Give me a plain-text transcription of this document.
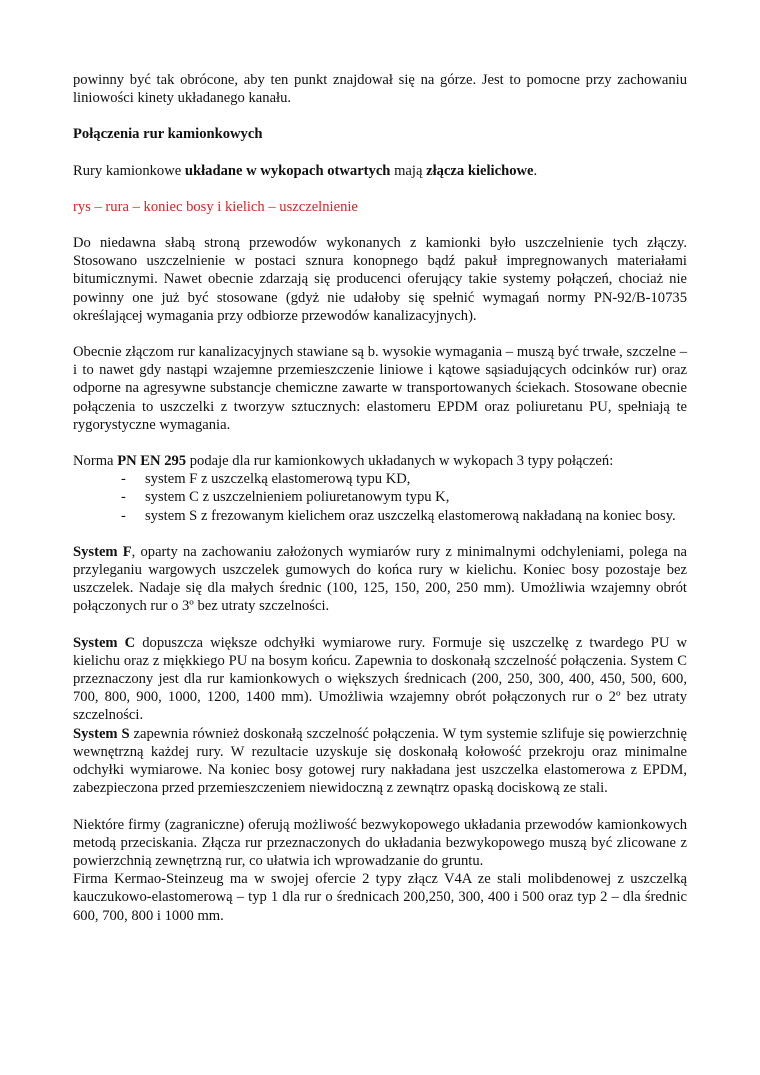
powinny być tak obrócone, aby ten punkt znajdował się na górze. Jest to pomocne przy zachowaniu liniowości kinety układanego kanału.

Połączenia rur kamionkowych

Rury kamionkowe układane w wykopach otwartych mają złącza kielichowe.

rys – rura – koniec bosy i kielich – uszczelnienie

Do niedawna słabą stroną przewodów wykonanych z kamionki było uszczelnienie tych złączy. Stosowano uszczelnienie w postaci sznura konopnego bądź pakuł impregnowanych materiałami bitumicznymi. Nawet obecnie zdarzają się producenci oferujący takie systemy połączeń, chociaż nie powinny one już być stosowane (gdyż nie udałoby się spełnić wymagań normy PN-92/B-10735 określającej wymagania przy odbiorze przewodów kanalizacyjnych).

Obecnie złączom rur kanalizacyjnych stawiane są b. wysokie wymagania – muszą być trwałe, szczelne – i to nawet gdy nastąpi wzajemne przemieszczenie liniowe i kątowe sąsiadujących odcinków rur) oraz odporne na agresywne substancje chemiczne zawarte w transportowanych ściekach. Stosowane obecnie połączenia to uszczelki z tworzyw sztucznych: elastomeru EPDM oraz poliuretanu PU, spełniają te rygorystyczne wymagania.

Norma PN EN 295 podaje dla rur kamionkowych układanych w wykopach 3 typy połączeń:

- system F z uszczelką elastomerową typu KD,
- system C z uszczelnieniem poliuretanowym typu K,
- system S z frezowanym kielichem oraz uszczelką elastomerową nakładaną na koniec bosy.

System F, oparty na zachowaniu założonych wymiarów rury z minimalnymi odchyleniami, polega na przyleganiu wargowych uszczelek gumowych do końca rury w kielichu. Koniec bosy pozostaje bez uszczelek. Nadaje się dla małych średnic (100, 125, 150, 200, 250 mm). Umożliwia wzajemny obrót połączonych rur o 3º bez utraty szczelności.

System C dopuszcza większe odchyłki wymiarowe rury. Formuje się uszczelkę z twardego PU w kielichu oraz z miękkiego PU na bosym końcu. Zapewnia to doskonałą szczelność połączenia. System C przeznaczony jest dla rur kamionkowych o większych średnicach (200, 250, 300, 400, 450, 500, 600, 700, 800, 900, 1000, 1200, 1400 mm). Umożliwia wzajemny obrót połączonych rur o 2º bez utraty szczelności.

System S zapewnia również doskonałą szczelność połączenia. W tym systemie szlifuje się powierzchnię wewnętrzną każdej rury. W rezultacie uzyskuje się doskonałą kołowość przekroju oraz minimalne odchyłki wymiarowe. Na koniec bosy gotowej rury nakładana jest uszczelka elastomerowa z EPDM, zabezpieczona przed przemieszczeniem niewidoczną z zewnątrz opaską dociskową ze stali.

Niektóre firmy (zagraniczne) oferują możliwość bezwykopowego układania przewodów kamionkowych metodą przeciskania. Złącza rur przeznaczonych do układania bezwykopowego muszą być zlicowane z powierzchnią zewnętrzną rur, co ułatwia ich wprowadzanie do gruntu.

Firma Kermao-Steinzeug ma w swojej ofercie 2 typy złącz V4A ze stali molibdenowej z uszczelką kauczukowo-elastomerową – typ 1 dla rur o średnicach 200,250, 300, 400 i 500 oraz typ 2 – dla średnic 600, 700, 800 i 1000 mm.
